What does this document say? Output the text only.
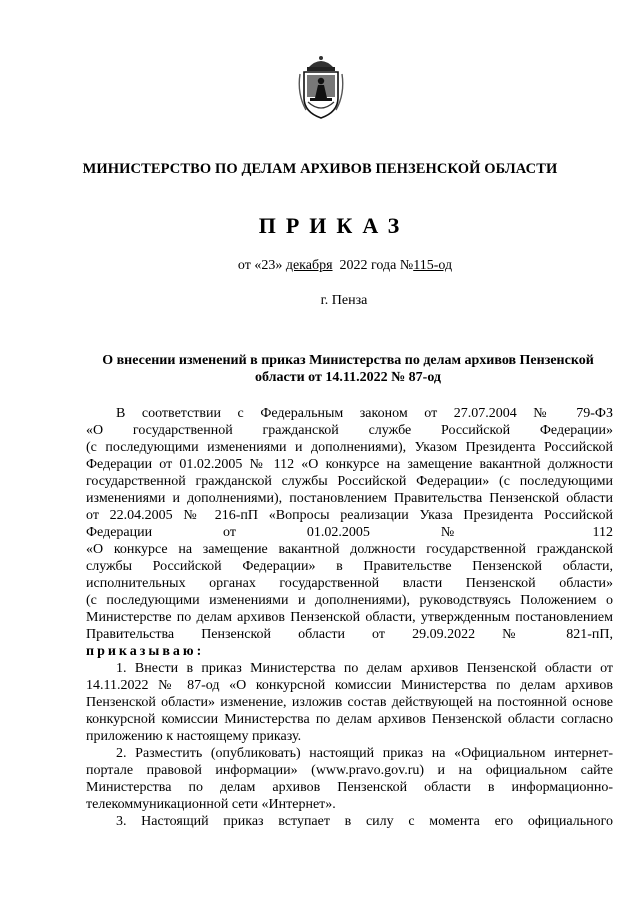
МИНИСТЕРСТВО ПО ДЕЛАМ АРХИВОВ ПЕНЗЕНСКОЙ ОБЛАСТИ
ПРИКАЗ
от «23» декабря  2022 года №115-од
г. Пенза
О внесении изменений в приказ Министерства по делам архивов Пензенской области от 14.11.2022 № 87-од

В соответствии с Федеральным законом от 27.07.2004 № 79-ФЗ

«О государственной гражданской службе Российской Федерации»

(с последующими изменениями и дополнениями), Указом Президента Российской

Федерации от 01.02.2005 № 112 «О конкурсе на замещение вакантной должности

государственной гражданской службы Российской Федерации» (с последующими

изменениями и дополнениями), постановлением Правительства Пензенской области

от 22.04.2005 № 216-пП «Вопросы реализации Указа Президента Российской

Федерации от 01.02.2005 № 112

«О конкурсе на замещение вакантной должности государственной гражданской

службы Российской Федерации» в Правительстве Пензенской области,

исполнительных органах государственной власти Пензенской области»

(с последующими изменениями и дополнениями), руководствуясь Положением о

Министерстве по делам архивов Пензенской области, утвержденным постановлением

Правительства Пензенской области от 29.09.2022 № 821-пП,

приказываю:

1. Внести в приказ Министерства по делам архивов Пензенской области от 14.11.2022 № 87-од «О конкурсной комиссии Министерства по делам архивов Пензенской области» изменение, изложив состав действующей на постоянной основе конкурсной комиссии Министерства по делам архивов Пензенской области согласно приложению к настоящему приказу.

2. Разместить (опубликовать) настоящий приказ на «Официальном интернет-портале правовой информации» (www.pravo.gov.ru) и на официальном сайте Министерства по делам архивов Пензенской области в информационно-телекоммуникационной сети «Интернет».

3. Настоящий приказ вступает в силу с момента его официального
